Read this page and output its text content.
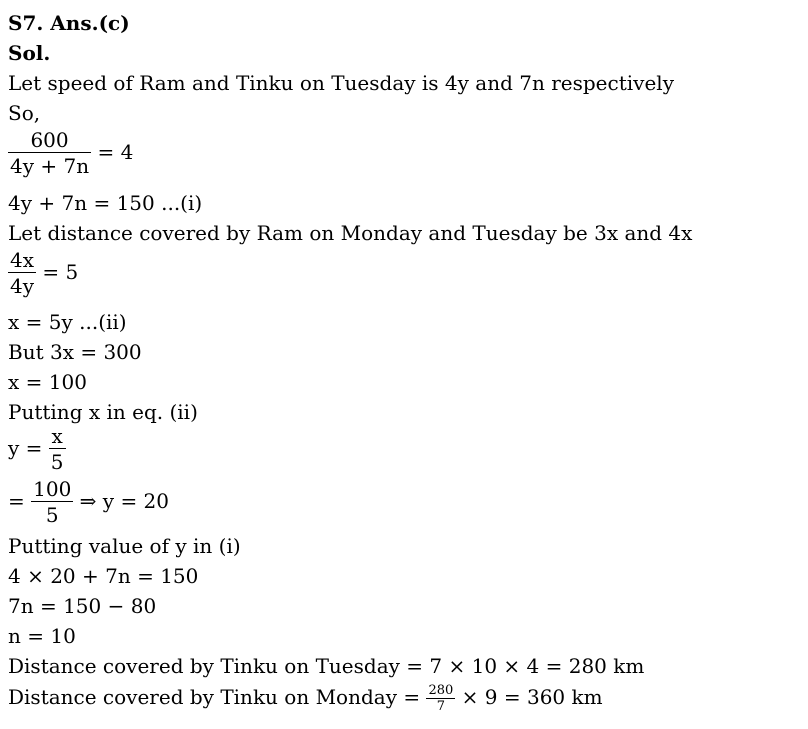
S7. Ans.(c)
Sol.
Let speed of Ram and Tinku on Tuesday is 4y and 7n respectively
So,
$\frac{600}{4y + 7n} = 4$
4y + 7n = 150 ...(i)
Let distance covered by Ram on Monday and Tuesday be 3x and 4x
$\frac{4x}{4y} = 5$
x = 5y ...(ii)
But 3x = 300
x = 100
Putting x in eq. (ii)
$y = \frac{x}{5}$
= $\frac{100}{5}$ ⇒ y = 20
Putting value of y in (i)
4 × 20 + 7n = 150
7n = 150 − 80
n = 10
Distance covered by Tinku on Tuesday = 7 × 10 × 4 = 280 km
Distance covered by Tinku on Monday = $\frac{280}{7} \times 9 = 360$ km
